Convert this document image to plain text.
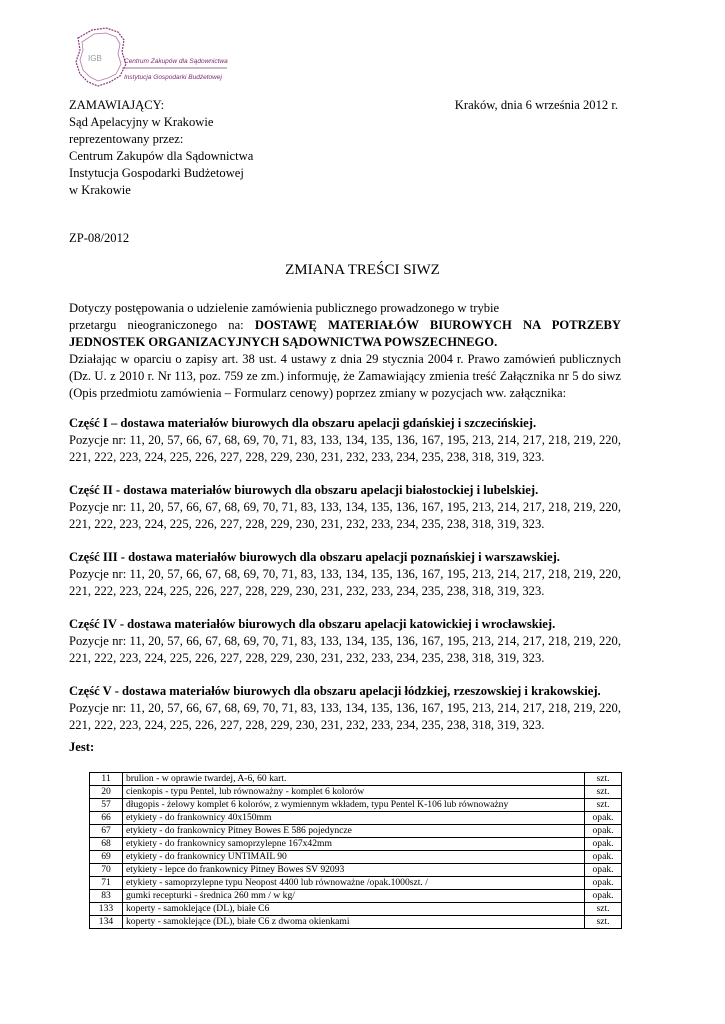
IGB	Centrum Zakupów dla Sądownictwa
Instytucja Gospodarki Budżetowej
ZAMAWIAJĄCY:
Sąd Apelacyjny w Krakowie
reprezentowany przez:
Centrum Zakupów dla Sądownictwa
Instytucja Gospodarki Budżetowej
w Krakowie
Kraków, dnia 6 września 2012 r.
ZP-08/2012
ZMIANA TREŚCI SIWZ

Dotyczy postępowania o udzielenie zamówienia publicznego prowadzonego w trybie

przetargu nieograniczonego na: DOSTAWĘ MATERIAŁÓW BIUROWYCH NA POTRZEBY JEDNOSTEK ORGANIZACYJNYCH SĄDOWNICTWA POWSZECHNEGO.

Działając w oparciu o zapisy art. 38 ust. 4 ustawy z dnia 29 stycznia 2004 r. Prawo zamówień publicznych (Dz. U. z 2010 r. Nr 113, poz. 759 ze zm.) informuję, że Zamawiający zmienia treść Załącznika nr 5 do siwz (Opis przedmiotu zamówienia – Formularz cenowy) poprzez zmiany w pozycjach ww. załącznika:

Część I – dostawa materiałów biurowych dla obszaru apelacji gdańskiej i szczecińskiej.
Pozycje nr: 11, 20, 57, 66, 67, 68, 69, 70, 71, 83, 133, 134, 135, 136, 167, 195, 213, 214, 217, 218, 219, 220, 221, 222, 223, 224, 225, 226, 227, 228, 229, 230, 231, 232, 233, 234, 235, 238, 318, 319, 323.
Część II - dostawa materiałów biurowych dla obszaru apelacji białostockiej i lubelskiej.
Pozycje nr: 11, 20, 57, 66, 67, 68, 69, 70, 71, 83, 133, 134, 135, 136, 167, 195, 213, 214, 217, 218, 219, 220, 221, 222, 223, 224, 225, 226, 227, 228, 229, 230, 231, 232, 233, 234, 235, 238, 318, 319, 323.
Część III - dostawa materiałów biurowych dla obszaru apelacji poznańskiej i warszawskiej.
Pozycje nr: 11, 20, 57, 66, 67, 68, 69, 70, 71, 83, 133, 134, 135, 136, 167, 195, 213, 214, 217, 218, 219, 220, 221, 222, 223, 224, 225, 226, 227, 228, 229, 230, 231, 232, 233, 234, 235, 238, 318, 319, 323.
Część IV - dostawa materiałów biurowych dla obszaru apelacji katowickiej i wrocławskiej.
Pozycje nr: 11, 20, 57, 66, 67, 68, 69, 70, 71, 83, 133, 134, 135, 136, 167, 195, 213, 214, 217, 218, 219, 220, 221, 222, 223, 224, 225, 226, 227, 228, 229, 230, 231, 232, 233, 234, 235, 238, 318, 319, 323.
Część V - dostawa materiałów biurowych dla obszaru apelacji łódzkiej, rzeszowskiej i krakowskiej.
Pozycje nr: 11, 20, 57, 66, 67, 68, 69, 70, 71, 83, 133, 134, 135, 136, 167, 195, 213, 214, 217, 218, 219, 220, 221, 222, 223, 224, 225, 226, 227, 228, 229, 230, 231, 232, 233, 234, 235, 238, 318, 319, 323.
Jest:
11	brulion - w oprawie twardej, A-6, 60 kart.	szt.
20	cienkopis - typu Pentel, lub równoważny - komplet 6 kolorów	szt.
57	długopis - żelowy komplet 6 kolorów, z wymiennym wkładem, typu Pentel K-106 lub równoważny	szt.
66	etykiety - do frankownicy 40x150mm	opak.
67	etykiety - do frankownicy Pitney Bowes E 586 pojedyncze	opak.
68	etykiety - do frankownicy samoprzylepne 167x42mm	opak.
69	etykiety - do frankownicy UNTIMAIL 90	opak.
70	etykiety - lepce do frankownicy Pitney Bowes SV 92093	opak.
71	etykiety - samoprzylepne typu Neopost 4400 lub równoważne /opak.1000szt. /	opak.
83	gumki recepturki - średnica 260 mm / w kg/	opak.
133	koperty - samoklejące (DL), białe C6	szt.
134	koperty - samoklejące (DL), białe C6 z dwoma okienkami	szt.
